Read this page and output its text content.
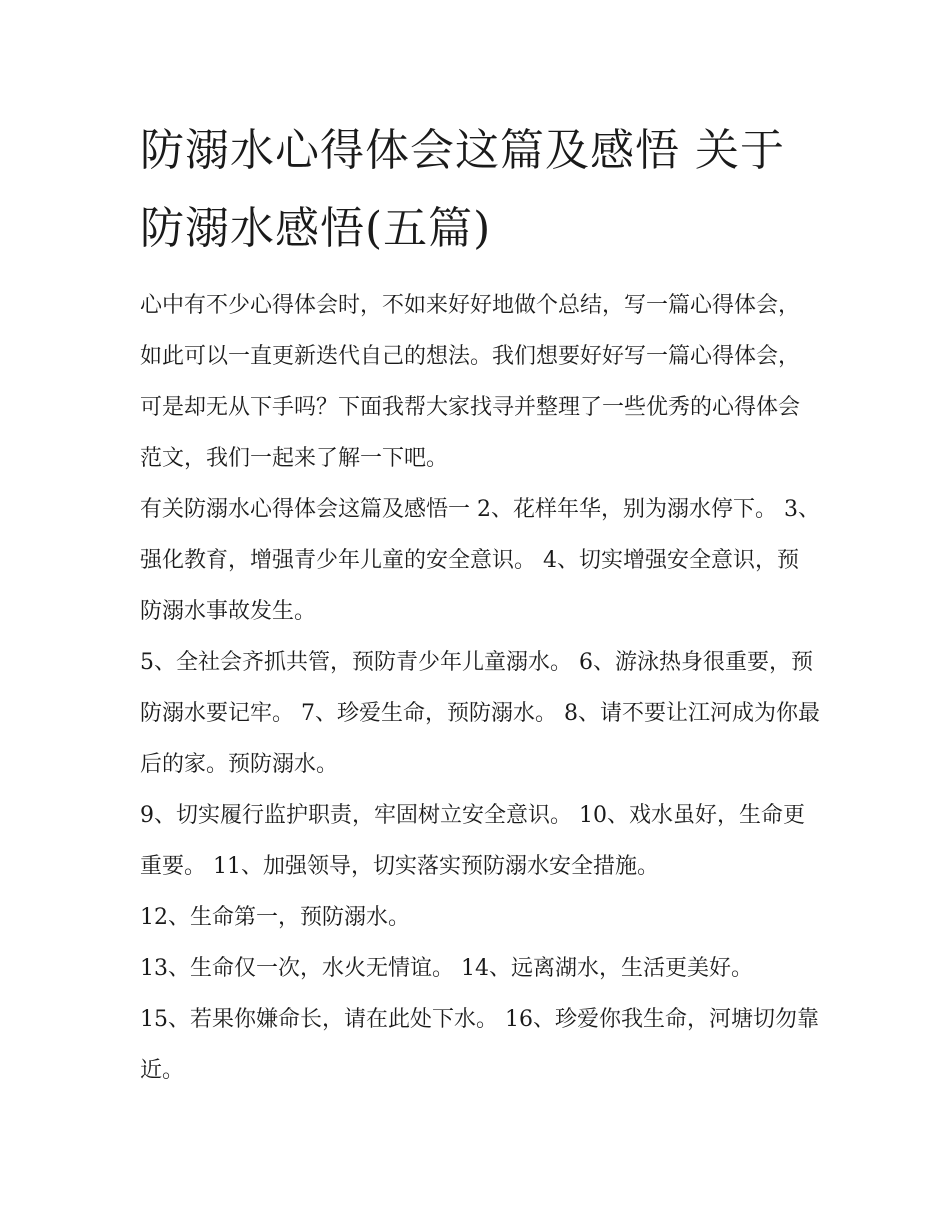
防溺水心得体会这篇及感悟 关于防溺水感悟(五篇)

心中有不少心得体会时，不如来好好地做个总结，写一篇心得体会，如此可以一直更新迭代自己的想法。我们想要好好写一篇心得体会，可是却无从下手吗？下面我帮大家找寻并整理了一些优秀的心得体会范文，我们一起来了解一下吧。

有关防溺水心得体会这篇及感悟一 2、花样年华，别为溺水停下。 3、强化教育，增强青少年儿童的安全意识。 4、切实增强安全意识，预防溺水事故发生。

5、全社会齐抓共管，预防青少年儿童溺水。 6、游泳热身很重要，预防溺水要记牢。 7、珍爱生命，预防溺水。 8、请不要让江河成为你最后的家。预防溺水。

9、切实履行监护职责，牢固树立安全意识。 10、戏水虽好，生命更重要。 11、加强领导，切实落实预防溺水安全措施。

12、生命第一，预防溺水。

13、生命仅一次，水火无情谊。 14、远离湖水，生活更美好。

15、若果你嫌命长，请在此处下水。 16、珍爱你我生命，河塘切勿靠近。
